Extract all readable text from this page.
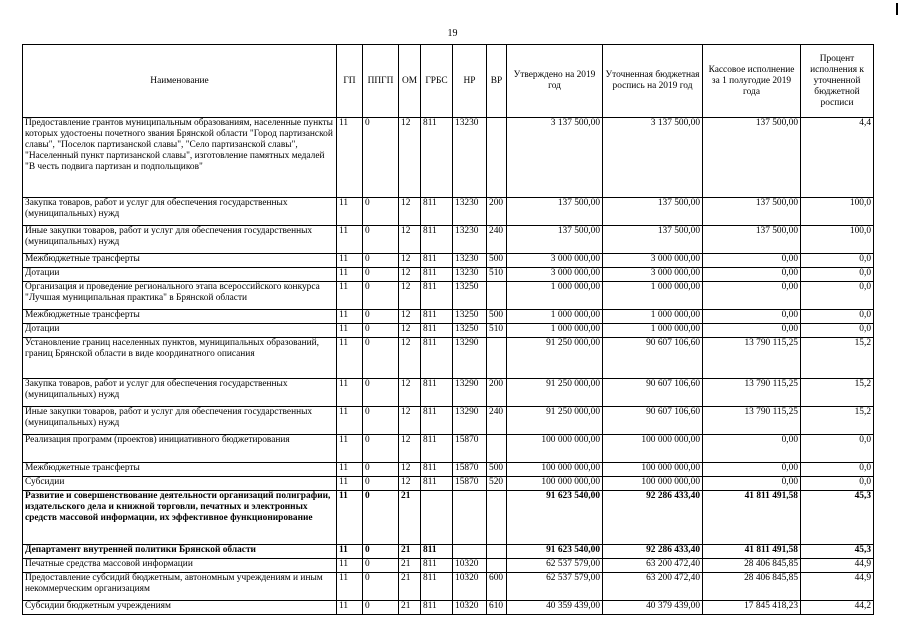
19
Наименование	ГП	ППГП	ОМ	ГРБС	НР	ВР	Утверждено на 2019 год	Уточненная бюджетная роспись на 2019 год	Кассовое исполнение за 1 полугодие 2019 года	Процент исполнения к уточненной бюджетной росписи
Предоставление грантов муниципальным образованиям, населенные пункты которых удостоены почетного звания Брянской области "Город партизанской славы", "Поселок партизанской славы", "Село партизанской славы", "Населенный пункт партизанской славы", изготовление памятных медалей "В честь подвига партизан и подпольщиков"	11	0	12	811	13230		3 137 500,00	3 137 500,00	137 500,00	4,4
Закупка товаров, работ и услуг для обеспечения государственных (муниципальных) нужд	11	0	12	811	13230	200	137 500,00	137 500,00	137 500,00	100,0
Иные закупки товаров, работ и услуг для обеспечения государственных (муниципальных) нужд	11	0	12	811	13230	240	137 500,00	137 500,00	137 500,00	100,0
Межбюджетные трансферты	11	0	12	811	13230	500	3 000 000,00	3 000 000,00	0,00	0,0
Дотации	11	0	12	811	13230	510	3 000 000,00	3 000 000,00	0,00	0,0
Организация и проведение регионального этапа всероссийского конкурса "Лучшая муниципальная практика" в Брянской области	11	0	12	811	13250		1 000 000,00	1 000 000,00	0,00	0,0
Межбюджетные трансферты	11	0	12	811	13250	500	1 000 000,00	1 000 000,00	0,00	0,0
Дотации	11	0	12	811	13250	510	1 000 000,00	1 000 000,00	0,00	0,0
Установление границ населенных пунктов, муниципальных образований, границ Брянской области в виде координатного описания	11	0	12	811	13290		91 250 000,00	90 607 106,60	13 790 115,25	15,2
Закупка товаров, работ и услуг для обеспечения государственных (муниципальных) нужд	11	0	12	811	13290	200	91 250 000,00	90 607 106,60	13 790 115,25	15,2
Иные закупки товаров, работ и услуг для обеспечения государственных (муниципальных) нужд	11	0	12	811	13290	240	91 250 000,00	90 607 106,60	13 790 115,25	15,2
Реализация программ (проектов) инициативного бюджетирования	11	0	12	811	15870		100 000 000,00	100 000 000,00	0,00	0,0
Межбюджетные трансферты	11	0	12	811	15870	500	100 000 000,00	100 000 000,00	0,00	0,0
Субсидии	11	0	12	811	15870	520	100 000 000,00	100 000 000,00	0,00	0,0
Развитие и совершенствование деятельности организаций полиграфии, издательского дела и книжной торговли, печатных и электронных средств массовой информации, их эффективное функционирование	11	0	21				91 623 540,00	92 286 433,40	41 811 491,58	45,3
Департамент внутренней политики Брянской области	11	0	21	811			91 623 540,00	92 286 433,40	41 811 491,58	45,3
Печатные средства массовой информации	11	0	21	811	10320		62 537 579,00	63 200 472,40	28 406 845,85	44,9
Предоставление субсидий бюджетным, автономным учреждениям и иным некоммерческим организациям	11	0	21	811	10320	600	62 537 579,00	63 200 472,40	28 406 845,85	44,9
Субсидии бюджетным учреждениям	11	0	21	811	10320	610	40 359 439,00	40 379 439,00	17 845 418,23	44,2
